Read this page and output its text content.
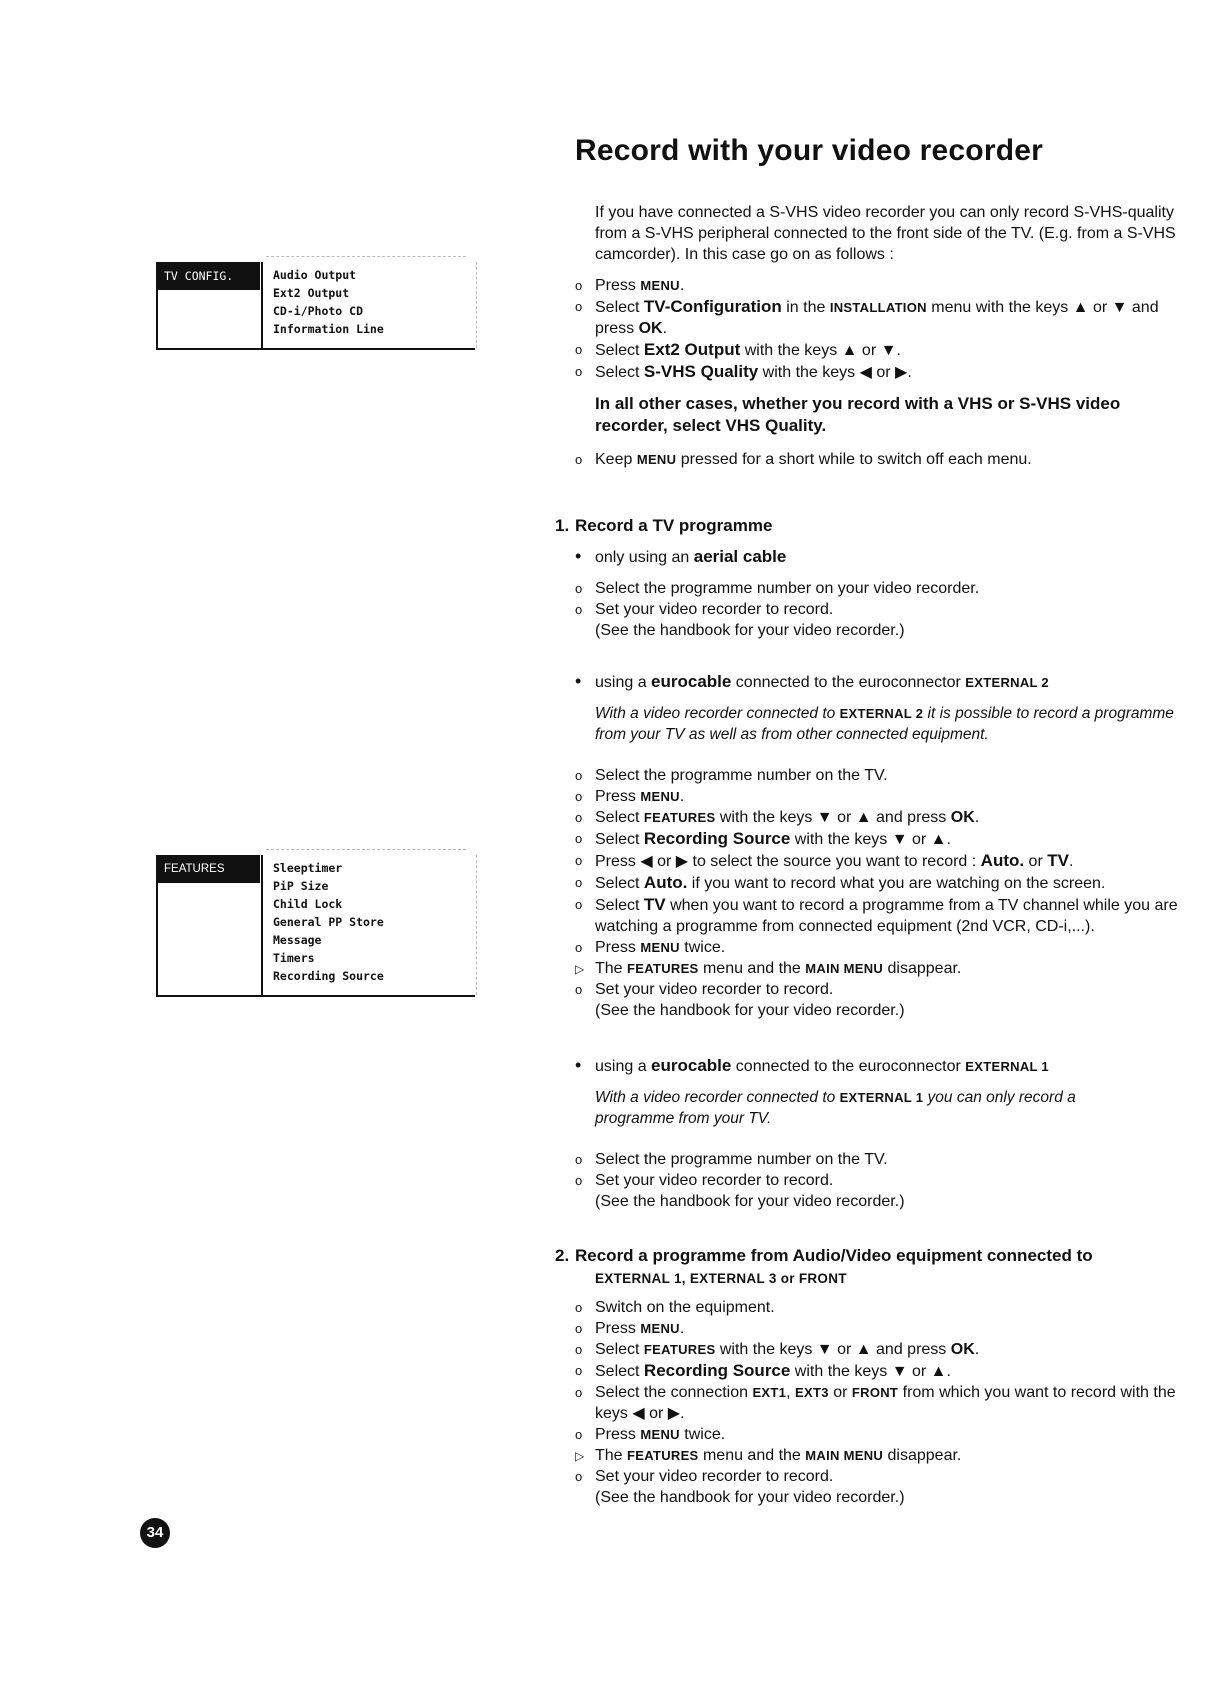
TV CONFIG.	Audio Output
Ext2 Output
CD-i/Photo CD
Information Line
FEATURES	Sleeptimer
PiP Size
Child Lock
General PP Store
Message
Timers
Recording Source
Record with your video recorder

If you have connected a S-VHS video recorder you can only record S-VHS-quality from a S-VHS peripheral connected to the front side of the TV. (E.g. from a S-VHS camcorder). In this case go on as follows :

o
Press MENU.
o
Select TV-Configuration in the INSTALLATION menu with the keys ▲ or ▼ and press OK.
o
Select Ext2 Output with the keys ▲ or ▼.
o
Select S-VHS Quality with the keys ◀ or ▶.

In all other cases, whether you record with a VHS or S-VHS video recorder, select VHS Quality.

o
Keep MENU pressed for a short while to switch off each menu.
1. Record a TV programme
•
only using an aerial cable
o
Select the programme number on your video recorder.
o
Set your video recorder to record.

(See the handbook for your video recorder.)

•
using a eurocable connected to the euroconnector EXTERNAL 2

With a video recorder connected to EXTERNAL 2 it is possible to record a programme from your TV as well as from other connected equipment.

o
Select the programme number on the TV.
o
Press MENU.
o
Select FEATURES with the keys ▼ or ▲ and press OK.
o
Select Recording Source with the keys ▼ or ▲.
o
Press ◀ or ▶ to select the source you want to record : Auto. or TV.
o
Select Auto. if you want to record what you are watching on the screen.
o
Select TV when you want to record a programme from a TV channel while you are watching a programme from connected equipment (2nd VCR, CD-i,...).
o
Press MENU twice.
▷
The FEATURES menu and the MAIN MENU disappear.
o
Set your video recorder to record.

(See the handbook for your video recorder.)

•
using a eurocable connected to the euroconnector EXTERNAL 1

With a video recorder connected to EXTERNAL 1 you can only record a programme from your TV.

o
Select the programme number on the TV.
o
Set your video recorder to record.

(See the handbook for your video recorder.)

2. Record a programme from Audio/Video equipment connected to

EXTERNAL 1, EXTERNAL 3 or FRONT

o
Switch on the equipment.
o
Press MENU.
o
Select FEATURES with the keys ▼ or ▲ and press OK.
o
Select Recording Source with the keys ▼ or ▲.
o
Select the connection EXT1, EXT3 or FRONT from which you want to record with the keys ◀ or ▶.
o
Press MENU twice.
▷
The FEATURES menu and the MAIN MENU disappear.
o
Set your video recorder to record.

(See the handbook for your video recorder.)

34
